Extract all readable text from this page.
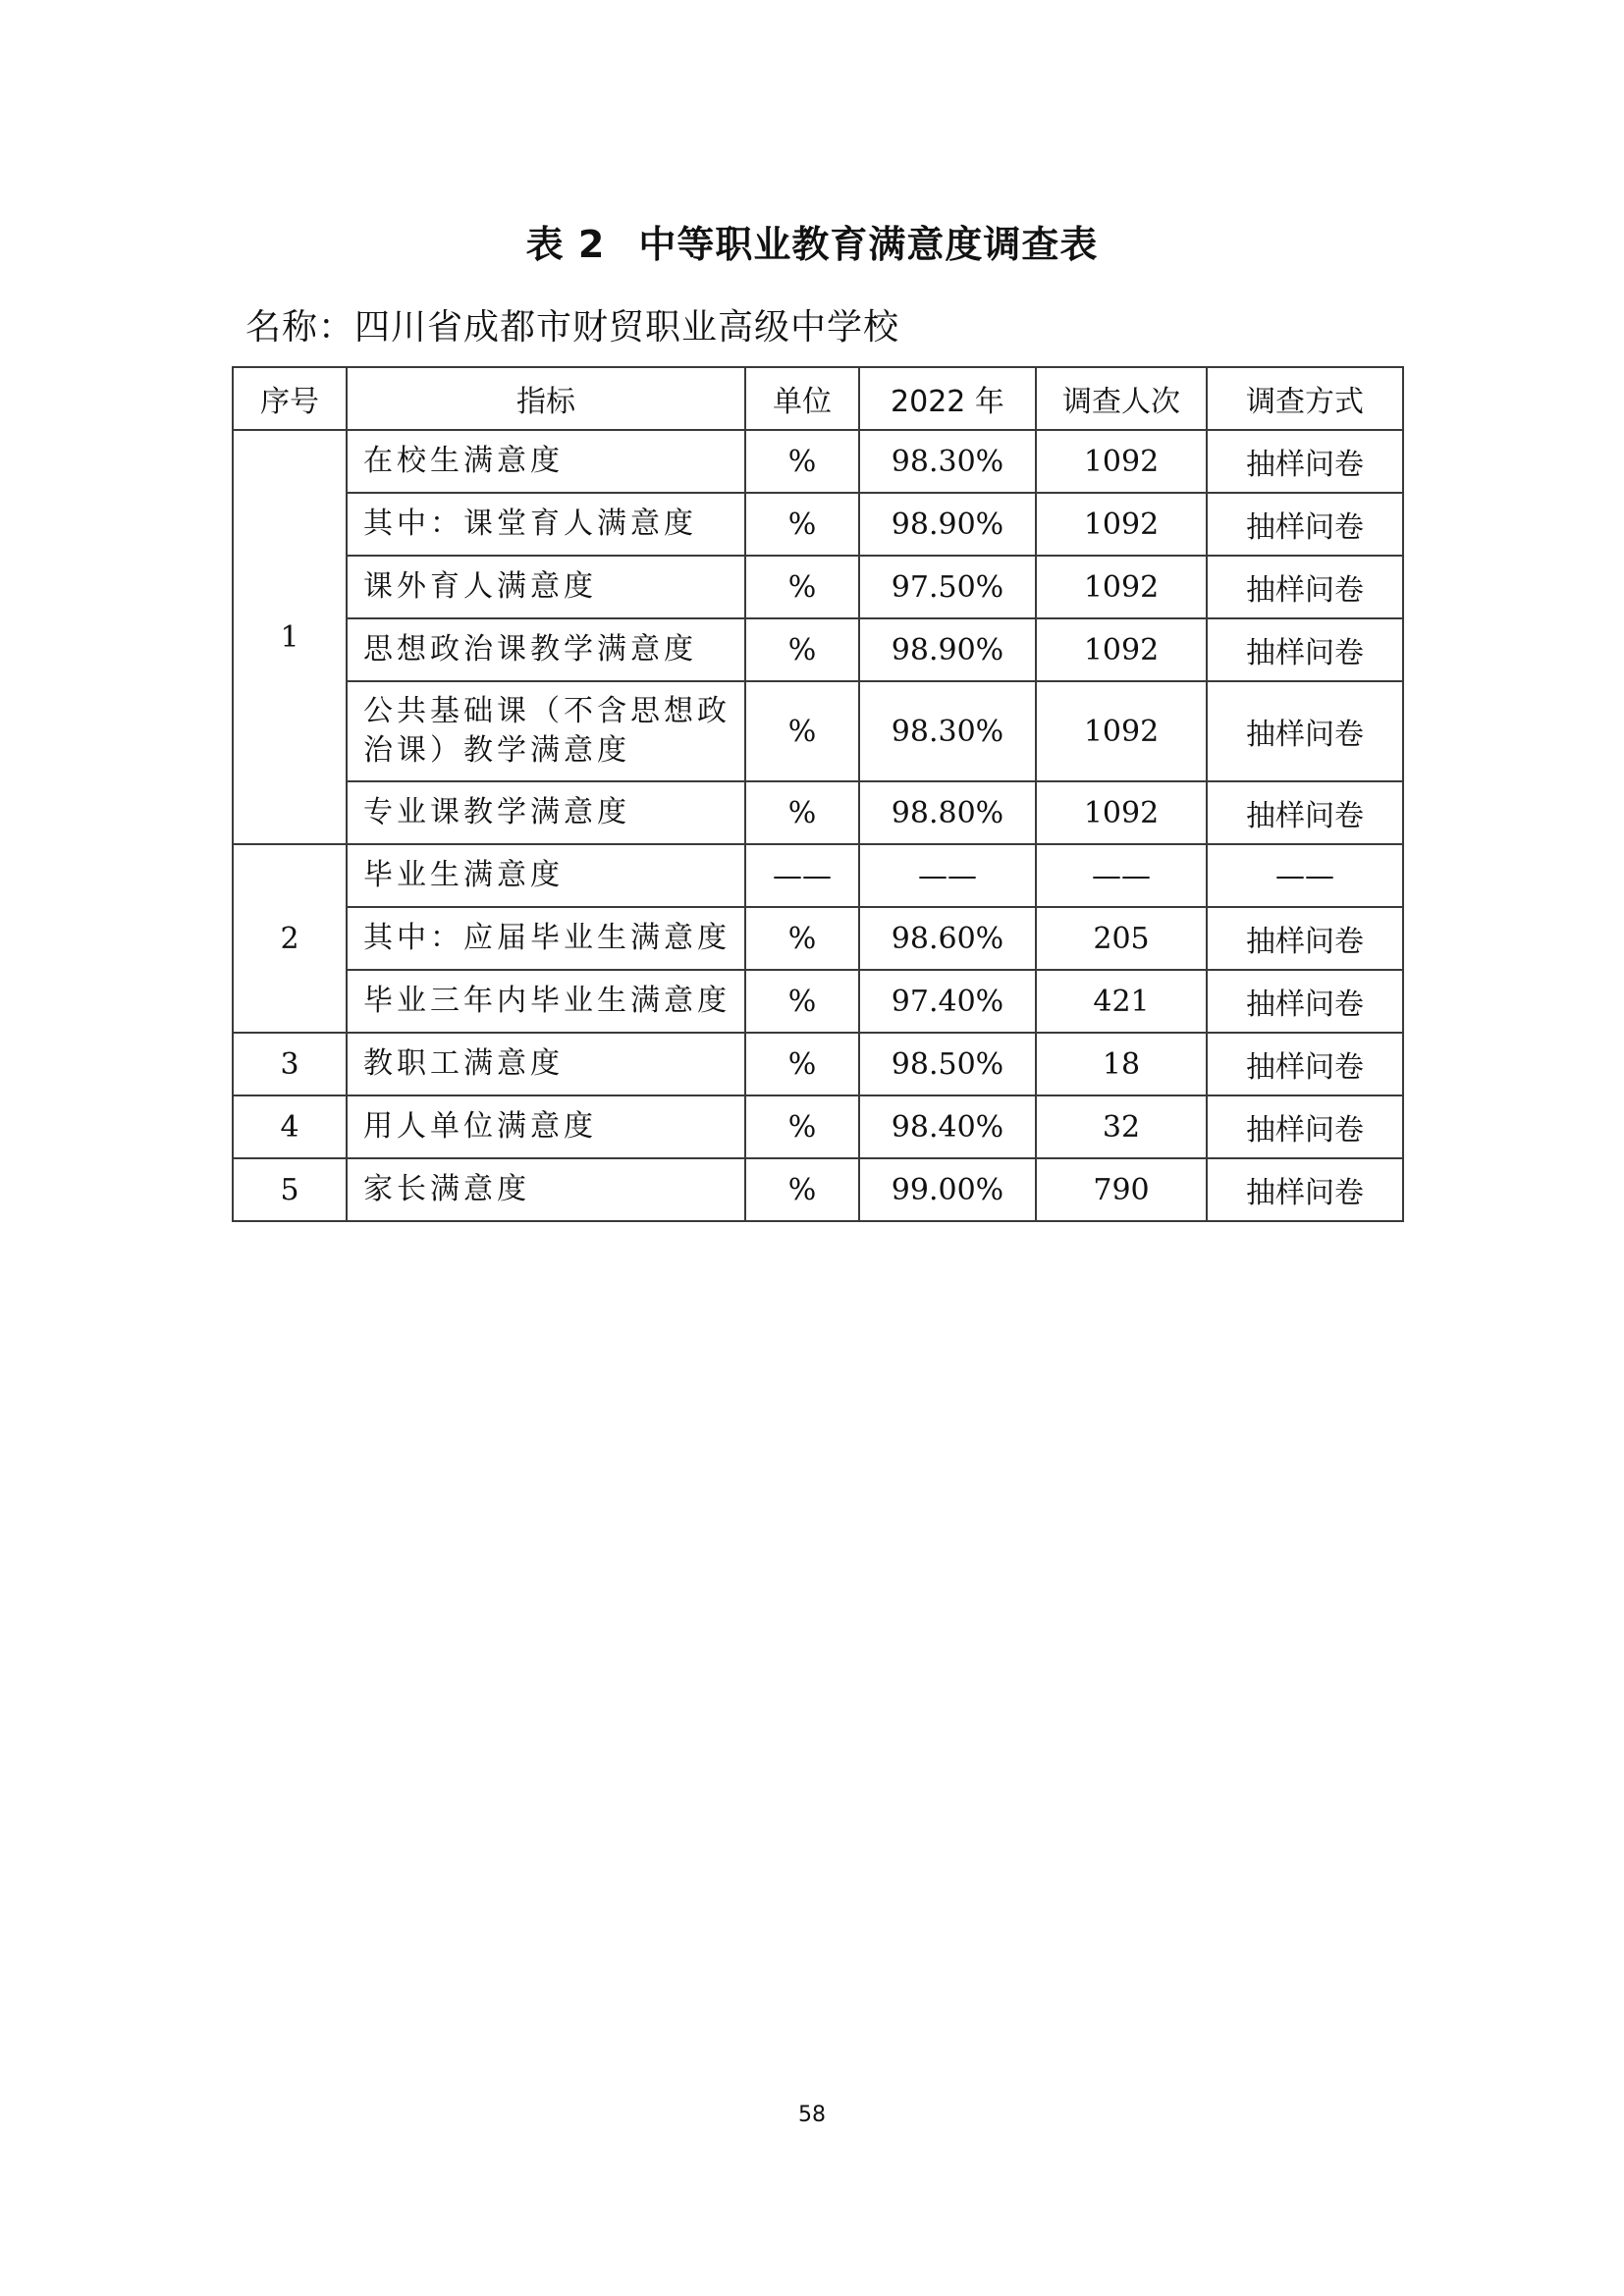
表 2 中等职业教育满意度调查表

名称：四川省成都市财贸职业高级中学校

序号	指标	单位	2022 年	调查人次	调查方式
1	在校生满意度	%	98.30%	1092	抽样问卷
	其中：课堂育人满意度	%	98.90%	1092	抽样问卷
	课外育人满意度	%	97.50%	1092	抽样问卷
	思想政治课教学满意度	%	98.90%	1092	抽样问卷
	公共基础课（不含思想政治课）教学满意度	%	98.30%	1092	抽样问卷
	专业课教学满意度	%	98.80%	1092	抽样问卷
2	毕业生满意度	——	——	——	——
	其中：应届毕业生满意度	%	98.60%	205	抽样问卷
	毕业三年内毕业生满意度	%	97.40%	421	抽样问卷
3	教职工满意度	%	98.50%	18	抽样问卷
4	用人单位满意度	%	98.40%	32	抽样问卷
5	家长满意度	%	99.00%	790	抽样问卷

58
